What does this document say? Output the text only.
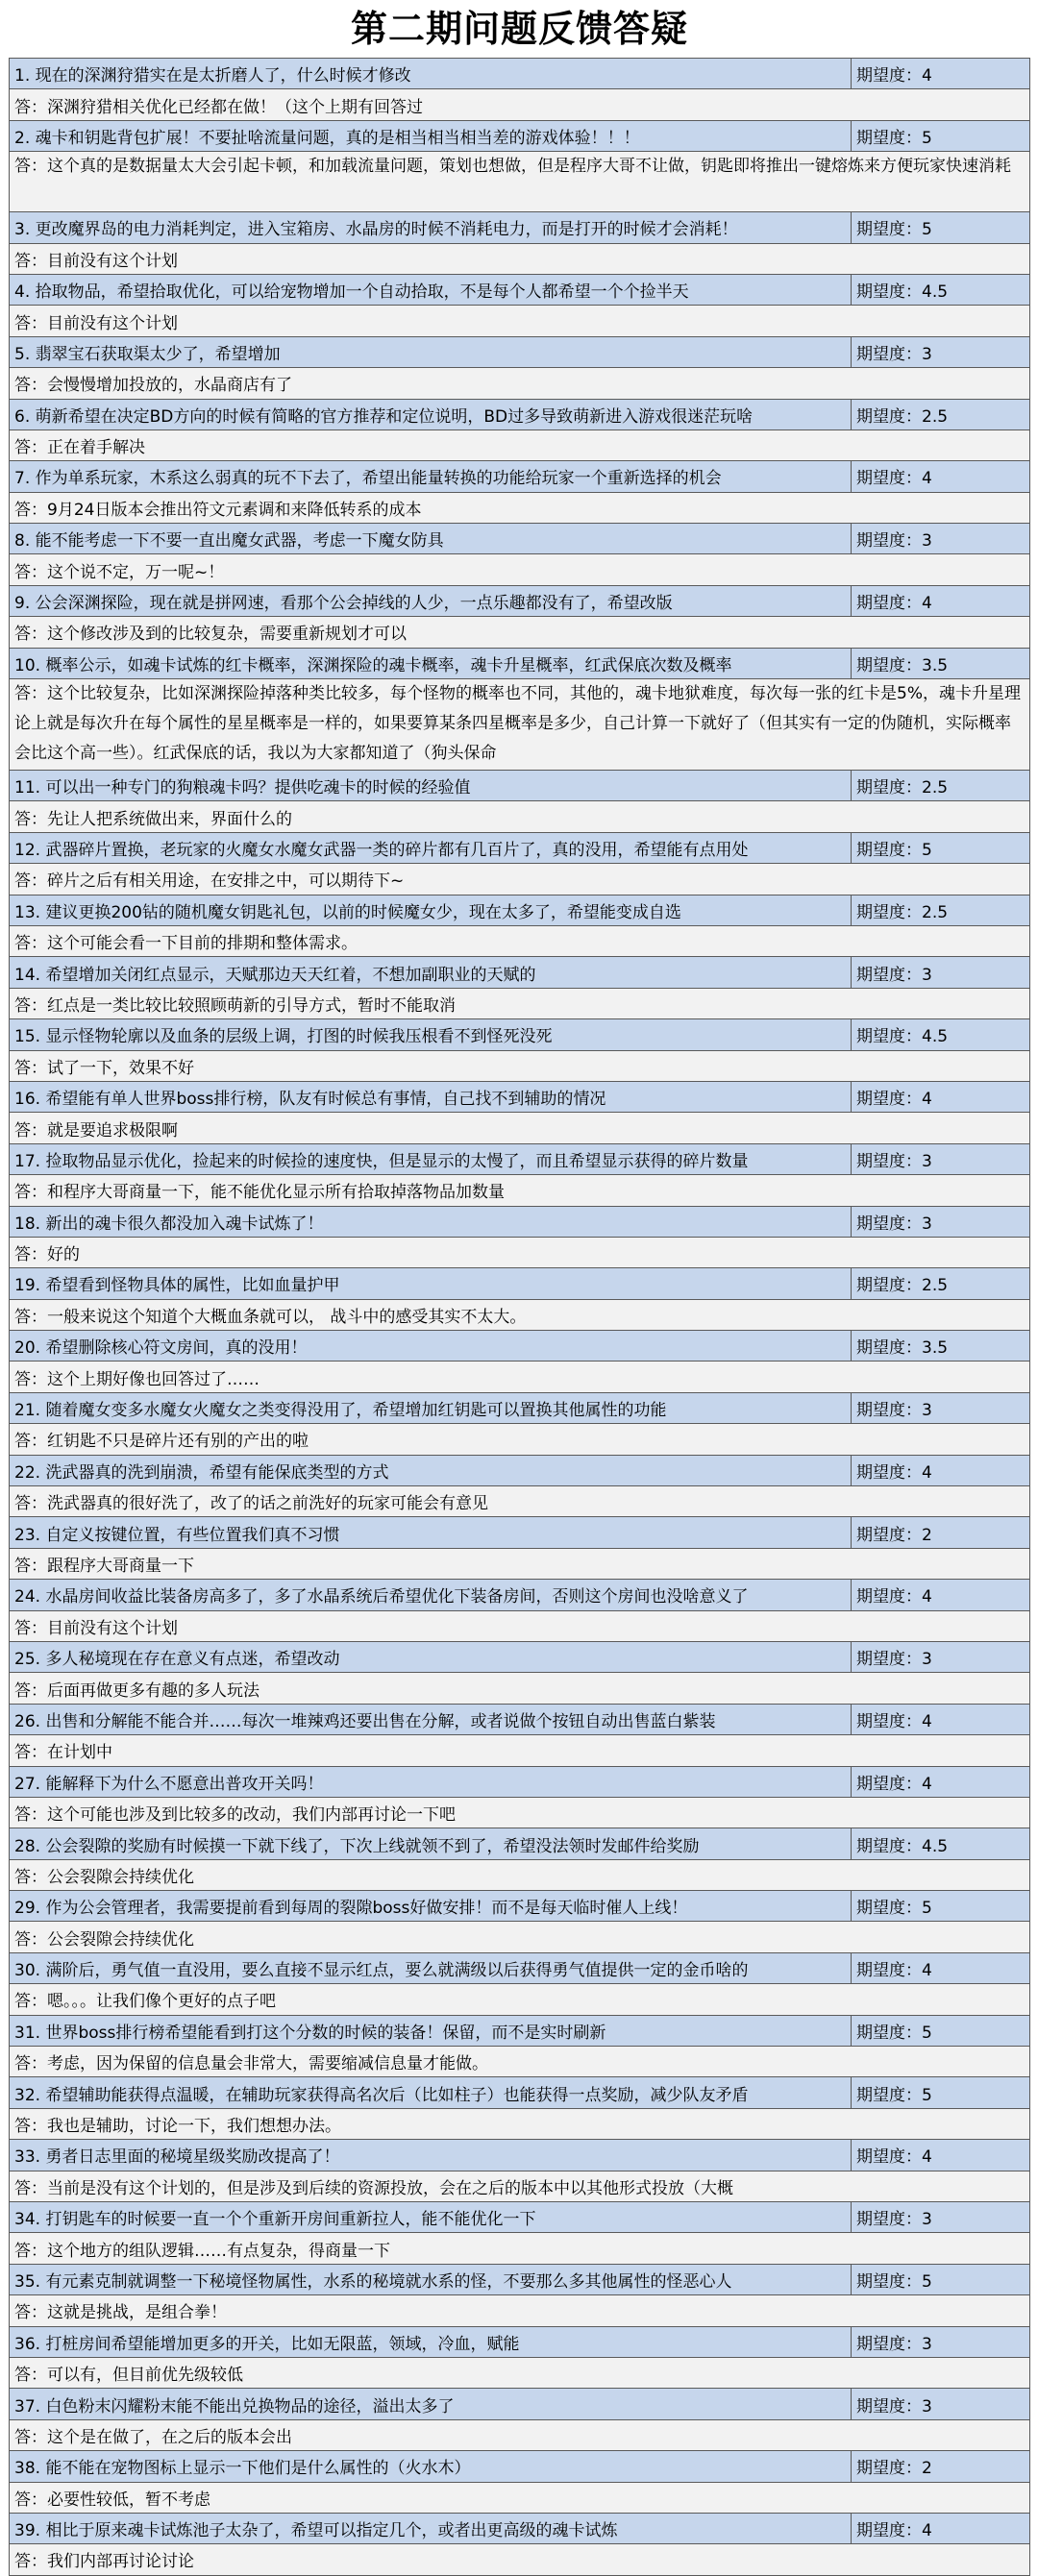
第二期问题反馈答疑
1. 现在的深渊狩猎实在是太折磨人了，什么时候才修改	期望度：4
答：深渊狩猎相关优化已经都在做！（这个上期有回答过	
2. 魂卡和钥匙背包扩展！不要扯啥流量问题，真的是相当相当相当差的游戏体验！！！	期望度：5
答：这个真的是数据量太大会引起卡顿，和加载流量问题，策划也想做，但是程序大哥不让做，钥匙即将推出一键熔炼来方便玩家快速消耗	
3. 更改魔界岛的电力消耗判定，进入宝箱房、水晶房的时候不消耗电力，而是打开的时候才会消耗！	期望度：5
答：目前没有这个计划	
4. 拾取物品，希望拾取优化，可以给宠物增加一个自动拾取，不是每个人都希望一个个捡半天	期望度：4.5
答：目前没有这个计划	
5. 翡翠宝石获取渠太少了，希望增加	期望度：3
答：会慢慢增加投放的，水晶商店有了	
6. 萌新希望在决定BD方向的时候有简略的官方推荐和定位说明，BD过多导致萌新进入游戏很迷茫玩啥	期望度：2.5
答：正在着手解决	
7. 作为单系玩家，木系这么弱真的玩不下去了，希望出能量转换的功能给玩家一个重新选择的机会	期望度：4
答：9月24日版本会推出符文元素调和来降低转系的成本	
8. 能不能考虑一下不要一直出魔女武器，考虑一下魔女防具	期望度：3
答：这个说不定，万一呢~！	
9. 公会深渊探险，现在就是拼网速，看那个公会掉线的人少，一点乐趣都没有了，希望改版	期望度：4
答：这个修改涉及到的比较复杂，需要重新规划才可以	
10. 概率公示，如魂卡试炼的红卡概率，深渊探险的魂卡概率，魂卡升星概率，红武保底次数及概率	期望度：3.5
答：这个比较复杂，比如深渊探险掉落种类比较多，每个怪物的概率也不同，其他的，魂卡地狱难度，每次每一张的红卡是5%，魂卡升星理论上就是每次升在每个属性的星星概率是一样的，如果要算某条四星概率是多少，自己计算一下就好了（但其实有一定的伪随机，实际概率会比这个高一些）。红武保底的话，我以为大家都知道了（狗头保命	
11. 可以出一种专门的狗粮魂卡吗？提供吃魂卡的时候的经验值	期望度：2.5
答：先让人把系统做出来，界面什么的	
12. 武器碎片置换，老玩家的火魔女水魔女武器一类的碎片都有几百片了，真的没用，希望能有点用处	期望度：5
答：碎片之后有相关用途，在安排之中，可以期待下~	
13. 建议更换200钻的随机魔女钥匙礼包，以前的时候魔女少，现在太多了，希望能变成自选	期望度：2.5
答：这个可能会看一下目前的排期和整体需求。	
14. 希望增加关闭红点显示，天赋那边天天红着，不想加副职业的天赋的	期望度：3
答：红点是一类比较比较照顾萌新的引导方式，暂时不能取消	
15. 显示怪物轮廓以及血条的层级上调，打图的时候我压根看不到怪死没死	期望度：4.5
答：试了一下，效果不好	
16. 希望能有单人世界boss排行榜，队友有时候总有事情，自己找不到辅助的情况	期望度：4
答：就是要追求极限啊	
17. 捡取物品显示优化，捡起来的时候捡的速度快，但是显示的太慢了，而且希望显示获得的碎片数量	期望度：3
答：和程序大哥商量一下，能不能优化显示所有拾取掉落物品加数量	
18. 新出的魂卡很久都没加入魂卡试炼了！	期望度：3
答：好的	
19. 希望看到怪物具体的属性，比如血量护甲	期望度：2.5
答：一般来说这个知道个大概血条就可以， 战斗中的感受其实不太大。	
20. 希望删除核心符文房间，真的没用！	期望度：3.5
答：这个上期好像也回答过了……	
21. 随着魔女变多水魔女火魔女之类变得没用了，希望增加红钥匙可以置换其他属性的功能	期望度：3
答：红钥匙不只是碎片还有别的产出的啦	
22. 洗武器真的洗到崩溃，希望有能保底类型的方式	期望度：4
答：洗武器真的很好洗了，改了的话之前洗好的玩家可能会有意见	
23. 自定义按键位置，有些位置我们真不习惯	期望度：2
答：跟程序大哥商量一下	
24. 水晶房间收益比装备房高多了，多了水晶系统后希望优化下装备房间，否则这个房间也没啥意义了	期望度：4
答：目前没有这个计划	
25. 多人秘境现在存在意义有点迷，希望改动	期望度：3
答：后面再做更多有趣的多人玩法	
26. 出售和分解能不能合并……每次一堆辣鸡还要出售在分解，或者说做个按钮自动出售蓝白紫装	期望度：4
答：在计划中	
27. 能解释下为什么不愿意出普攻开关吗！	期望度：4
答：这个可能也涉及到比较多的改动，我们内部再讨论一下吧	
28. 公会裂隙的奖励有时候摸一下就下线了，下次上线就领不到了，希望没法领时发邮件给奖励	期望度：4.5
答：公会裂隙会持续优化	
29. 作为公会管理者，我需要提前看到每周的裂隙boss好做安排！而不是每天临时催人上线！	期望度：5
答：公会裂隙会持续优化	
30. 满阶后，勇气值一直没用，要么直接不显示红点，要么就满级以后获得勇气值提供一定的金币啥的	期望度：4
答：嗯。。。让我们像个更好的点子吧	
31. 世界boss排行榜希望能看到打这个分数的时候的装备！保留，而不是实时刷新	期望度：5
答：考虑，因为保留的信息量会非常大，需要缩减信息量才能做。	
32. 希望辅助能获得点温暖，在辅助玩家获得高名次后（比如柱子）也能获得一点奖励，减少队友矛盾	期望度：5
答：我也是辅助，讨论一下，我们想想办法。	
33. 勇者日志里面的秘境星级奖励改提高了！	期望度：4
答：当前是没有这个计划的，但是涉及到后续的资源投放，会在之后的版本中以其他形式投放（大概	
34. 打钥匙车的时候要一直一个个重新开房间重新拉人，能不能优化一下	期望度：3
答：这个地方的组队逻辑……有点复杂，得商量一下	
35. 有元素克制就调整一下秘境怪物属性，水系的秘境就水系的怪，不要那么多其他属性的怪恶心人	期望度：5
答：这就是挑战，是组合拳！	
36. 打桩房间希望能增加更多的开关，比如无限蓝，领域，冷血，赋能	期望度：3
答：可以有，但目前优先级较低	
37. 白色粉末闪耀粉末能不能出兑换物品的途径，溢出太多了	期望度：3
答：这个是在做了，在之后的版本会出	
38. 能不能在宠物图标上显示一下他们是什么属性的（火水木）	期望度：2
答：必要性较低，暂不考虑	
39. 相比于原来魂卡试炼池子太杂了，希望可以指定几个，或者出更高级的魂卡试炼	期望度：4
答：我们内部再讨论讨论	
